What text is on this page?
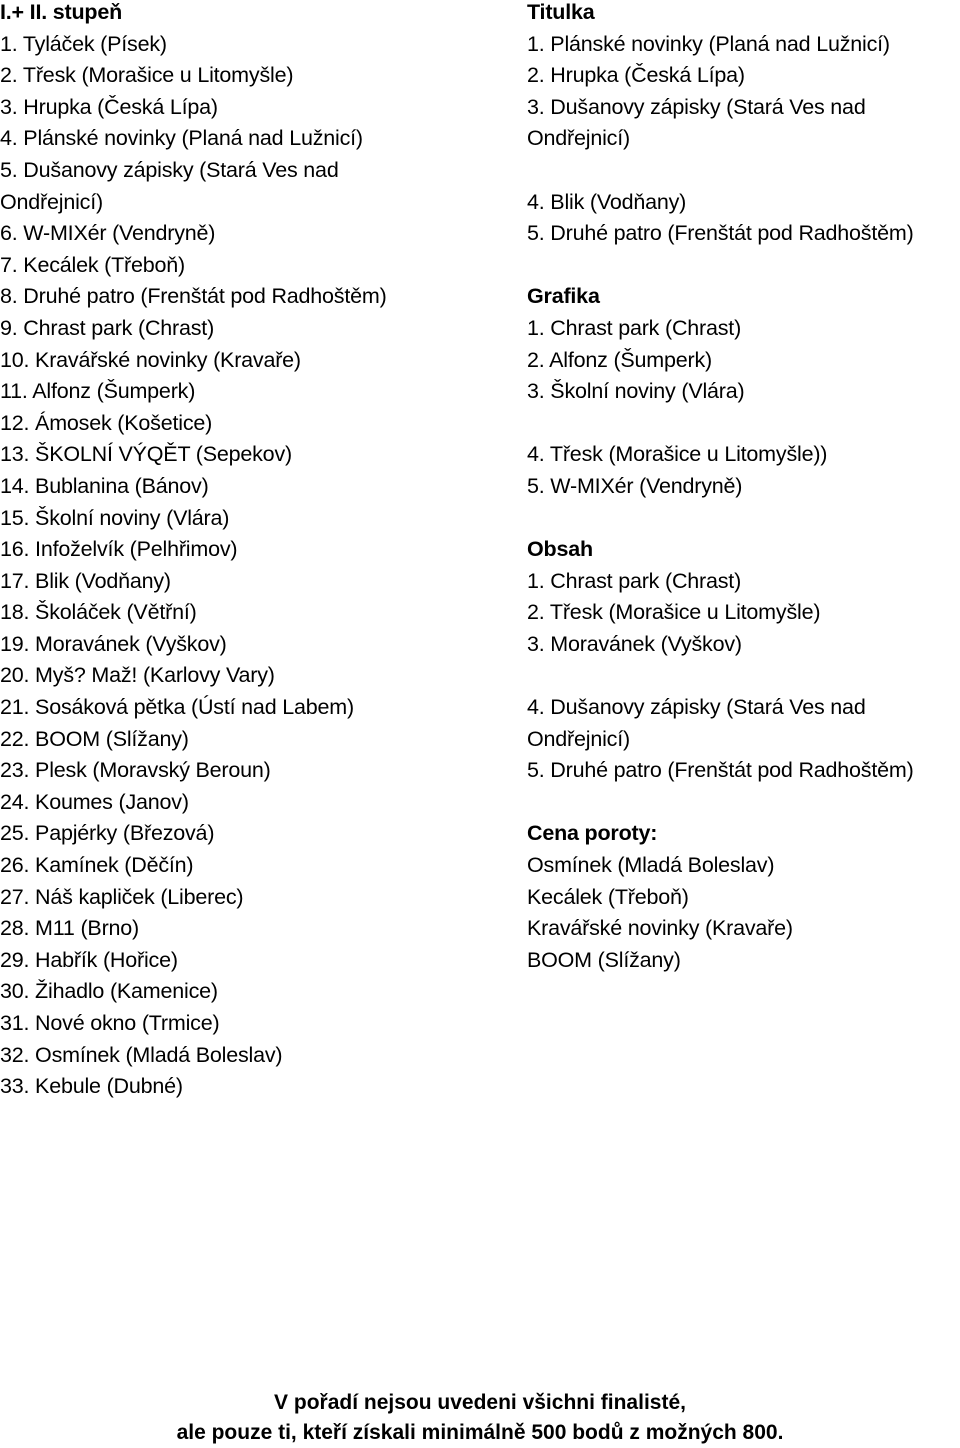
I.+ II. stupeň
1. Tyláček (Písek)
2. Třesk (Morašice u Litomyšle)
3. Hrupka (Česká Lípa)
4. Plánské novinky (Planá nad Lužnicí)
5. Dušanovy zápisky (Stará Ves nad
Ondřejnicí)
6. W-MIXér (Vendryně)
7. Kecálek (Třeboň)
8. Druhé patro (Frenštát pod Radhoštěm)
9. Chrast park (Chrast)
10. Kravářské novinky (Kravaře)
11. Alfonz (Šumperk)
12. Ámosek (Košetice)
13. ŠKOLNÍ VÝQĚT (Sepekov)
14. Bublanina (Bánov)
15. Školní noviny (Vlára)
16. Infoželvík (Pelhřimov)
17. Blik (Vodňany)
18. Školáček (Větřní)
19. Moravánek (Vyškov)
20. Myš? Maž! (Karlovy Vary)
21. Sosáková pětka (Ústí nad Labem)
22. BOOM (Slížany)
23. Plesk (Moravský Beroun)
24. Koumes (Janov)
25. Papjérky (Březová)
26. Kamínek (Děčín)
27. Náš kapliček (Liberec)
28. M11 (Brno)
29. Habřík (Hořice)
30. Žihadlo (Kamenice)
31. Nové okno (Trmice)
32. Osmínek (Mladá Boleslav)
33. Kebule (Dubné)
Titulka
1. Plánské novinky (Planá nad Lužnicí)
2. Hrupka (Česká Lípa)
3. Dušanovy zápisky (Stará Ves nad
Ondřejnicí)
4. Blik (Vodňany)
5. Druhé patro (Frenštát pod Radhoštěm)
Grafika
1. Chrast park (Chrast)
2. Alfonz (Šumperk)
3. Školní noviny (Vlára)
4. Třesk (Morašice u Litomyšle))
5. W-MIXér (Vendryně)
Obsah
1. Chrast park (Chrast)
2. Třesk (Morašice u Litomyšle)
3. Moravánek (Vyškov)
4. Dušanovy zápisky (Stará Ves nad
Ondřejnicí)
5. Druhé patro (Frenštát pod Radhoštěm)
Cena poroty:
Osmínek (Mladá Boleslav)
Kecálek (Třeboň)
Kravářské novinky (Kravaře)
BOOM (Slížany)
V pořadí nejsou uvedeni všichni finalisté,
ale pouze ti, kteří získali minimálně 500 bodů z možných 800.
